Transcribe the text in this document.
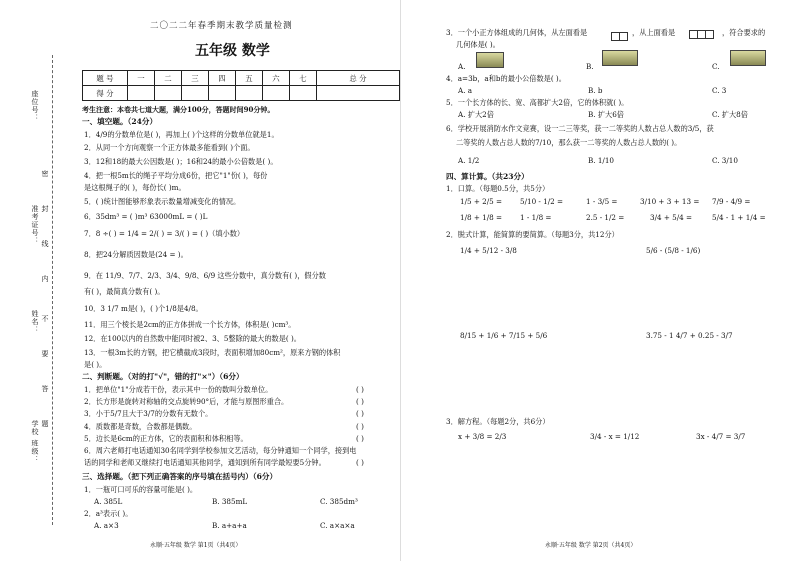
座位号：
准考证号：
姓名：
学校 班级：
密
封
线
内
不
要
答
题
二〇二二年春季期末教学质量检测
五年级 数学
题 号	一	二	三	四	五	六	七	总 分
得 分								
考生注意：本卷共七道大题，满分100分，答题时间90分钟。
一、填空题。（24分）
1．4/9的分数单位是( )，再加上( )个这样的分数单位就是1。
2．从同一个方向观察一个正方体最多能看到( )个面。
3．12和18的最大公因数是( )；16和24的最小公倍数是( )。
4．把一根5m长的绳子平均分成6份，把它"1"份( )，每份
是这根绳子的( )，每份长( )m。
5．( )统计图能够形象表示数量增减变化的情况。
6．35dm³ = ( )m³ 63000mL = ( )L
7．8 ÷( ) = 1/4 = 2/( ) = 3/( ) = ( )（填小数）
8．把24分解质因数是(24 = )。
9．在 11/9、7/7、2/3、3/4、9/8、6/9 这些分数中，真分数有( )，假分数
有( )，最简真分数有( )。
10．3 1/7 m是( )，( )个1/8是4/8。
11．用三个棱长是2cm的正方体拼成一个长方体，体积是( )cm³。
12．在100以内的自然数中能同时被2、3、5整除的最大的数是( )。
13．一根3m长的方钢，把它横截成3段时，表面积增加80cm²，原来方钢的体积
是( )。
二、判断题。（对的打"√"，错的打"×"）（6分）
1．把单位"1"分成若干份，表示其中一份的数叫分数单位。
2．长方形是旋转对称轴的交点旋转90°后，才能与原图形重合。
3．小于5/7且大于3/7的分数有无数个。
4．质数都是奇数，合数都是偶数。
5．边长是6cm的正方体，它的表面积和体积相等。
6．周六老师打电话通知30名同学到学校参加文艺活动，每分钟通知一个同学，接到电
话的同学和老师又继续打电话通知其他同学，通知到所有同学最短要5分钟。
( )
( )
( )
( )
( )
( )
三、选择题。（把下列正确答案的序号填在括号内）（6分）
1．一瓶可口可乐的容量可能是( )。
A. 385L	B. 385mL	C. 385dm³
2．a³表示( )。
A. a×3	B. a+a+a	C. a×a×a
永顺·五年级 数学 第1页（共4页）
3．一个小正方体组成的几何体，从左面看是	，从上面看是	，符合要求的
几何体是( )。
A.	B.	C.
4．a=3b，a和b的最小公倍数是( )。
A. a	B. b	C. 3
5．一个长方体的长、宽、高都扩大2倍，它的体积就( )。
A. 扩大2倍	B. 扩大6倍	C. 扩大8倍
6．学校开展消防水作文竞赛，设一二三等奖，获一二等奖的人数占总人数的3/5，获
二等奖的人数占总人数的7/10，那么获一二等奖的人数占总人数的( )。
A. 1/2	B. 1/10	C. 3/10
四、算计算。（共23分）
1．口算。（每题0.5分，共5分）
1/5 + 2/5 = 5/10 - 1/2 =	1 - 3/5 =	3/10 + 3 + 13 = 7/9 - 4/9 =
1/8 + 1/8 = 1 - 1/8 =	2.5 - 1/2 =	3/4 + 5/4 =	5/4 - 1 + 1/4 =
2．脱式计算，能简算的要简算。（每题3分，共12分）
1/4 + 5/12 - 3/8	5/6 - (5/8 - 1/6)
8/15 + 1/6 + 7/15 + 5/6	3.75 - 1 4/7 + 0.25 - 3/7
3．解方程。（每题2分，共6分）
x + 3/8 = 2/3	3/4 - x = 1/12	3x - 4/7 = 3/7
永顺·五年级 数学 第2页（共4页）
